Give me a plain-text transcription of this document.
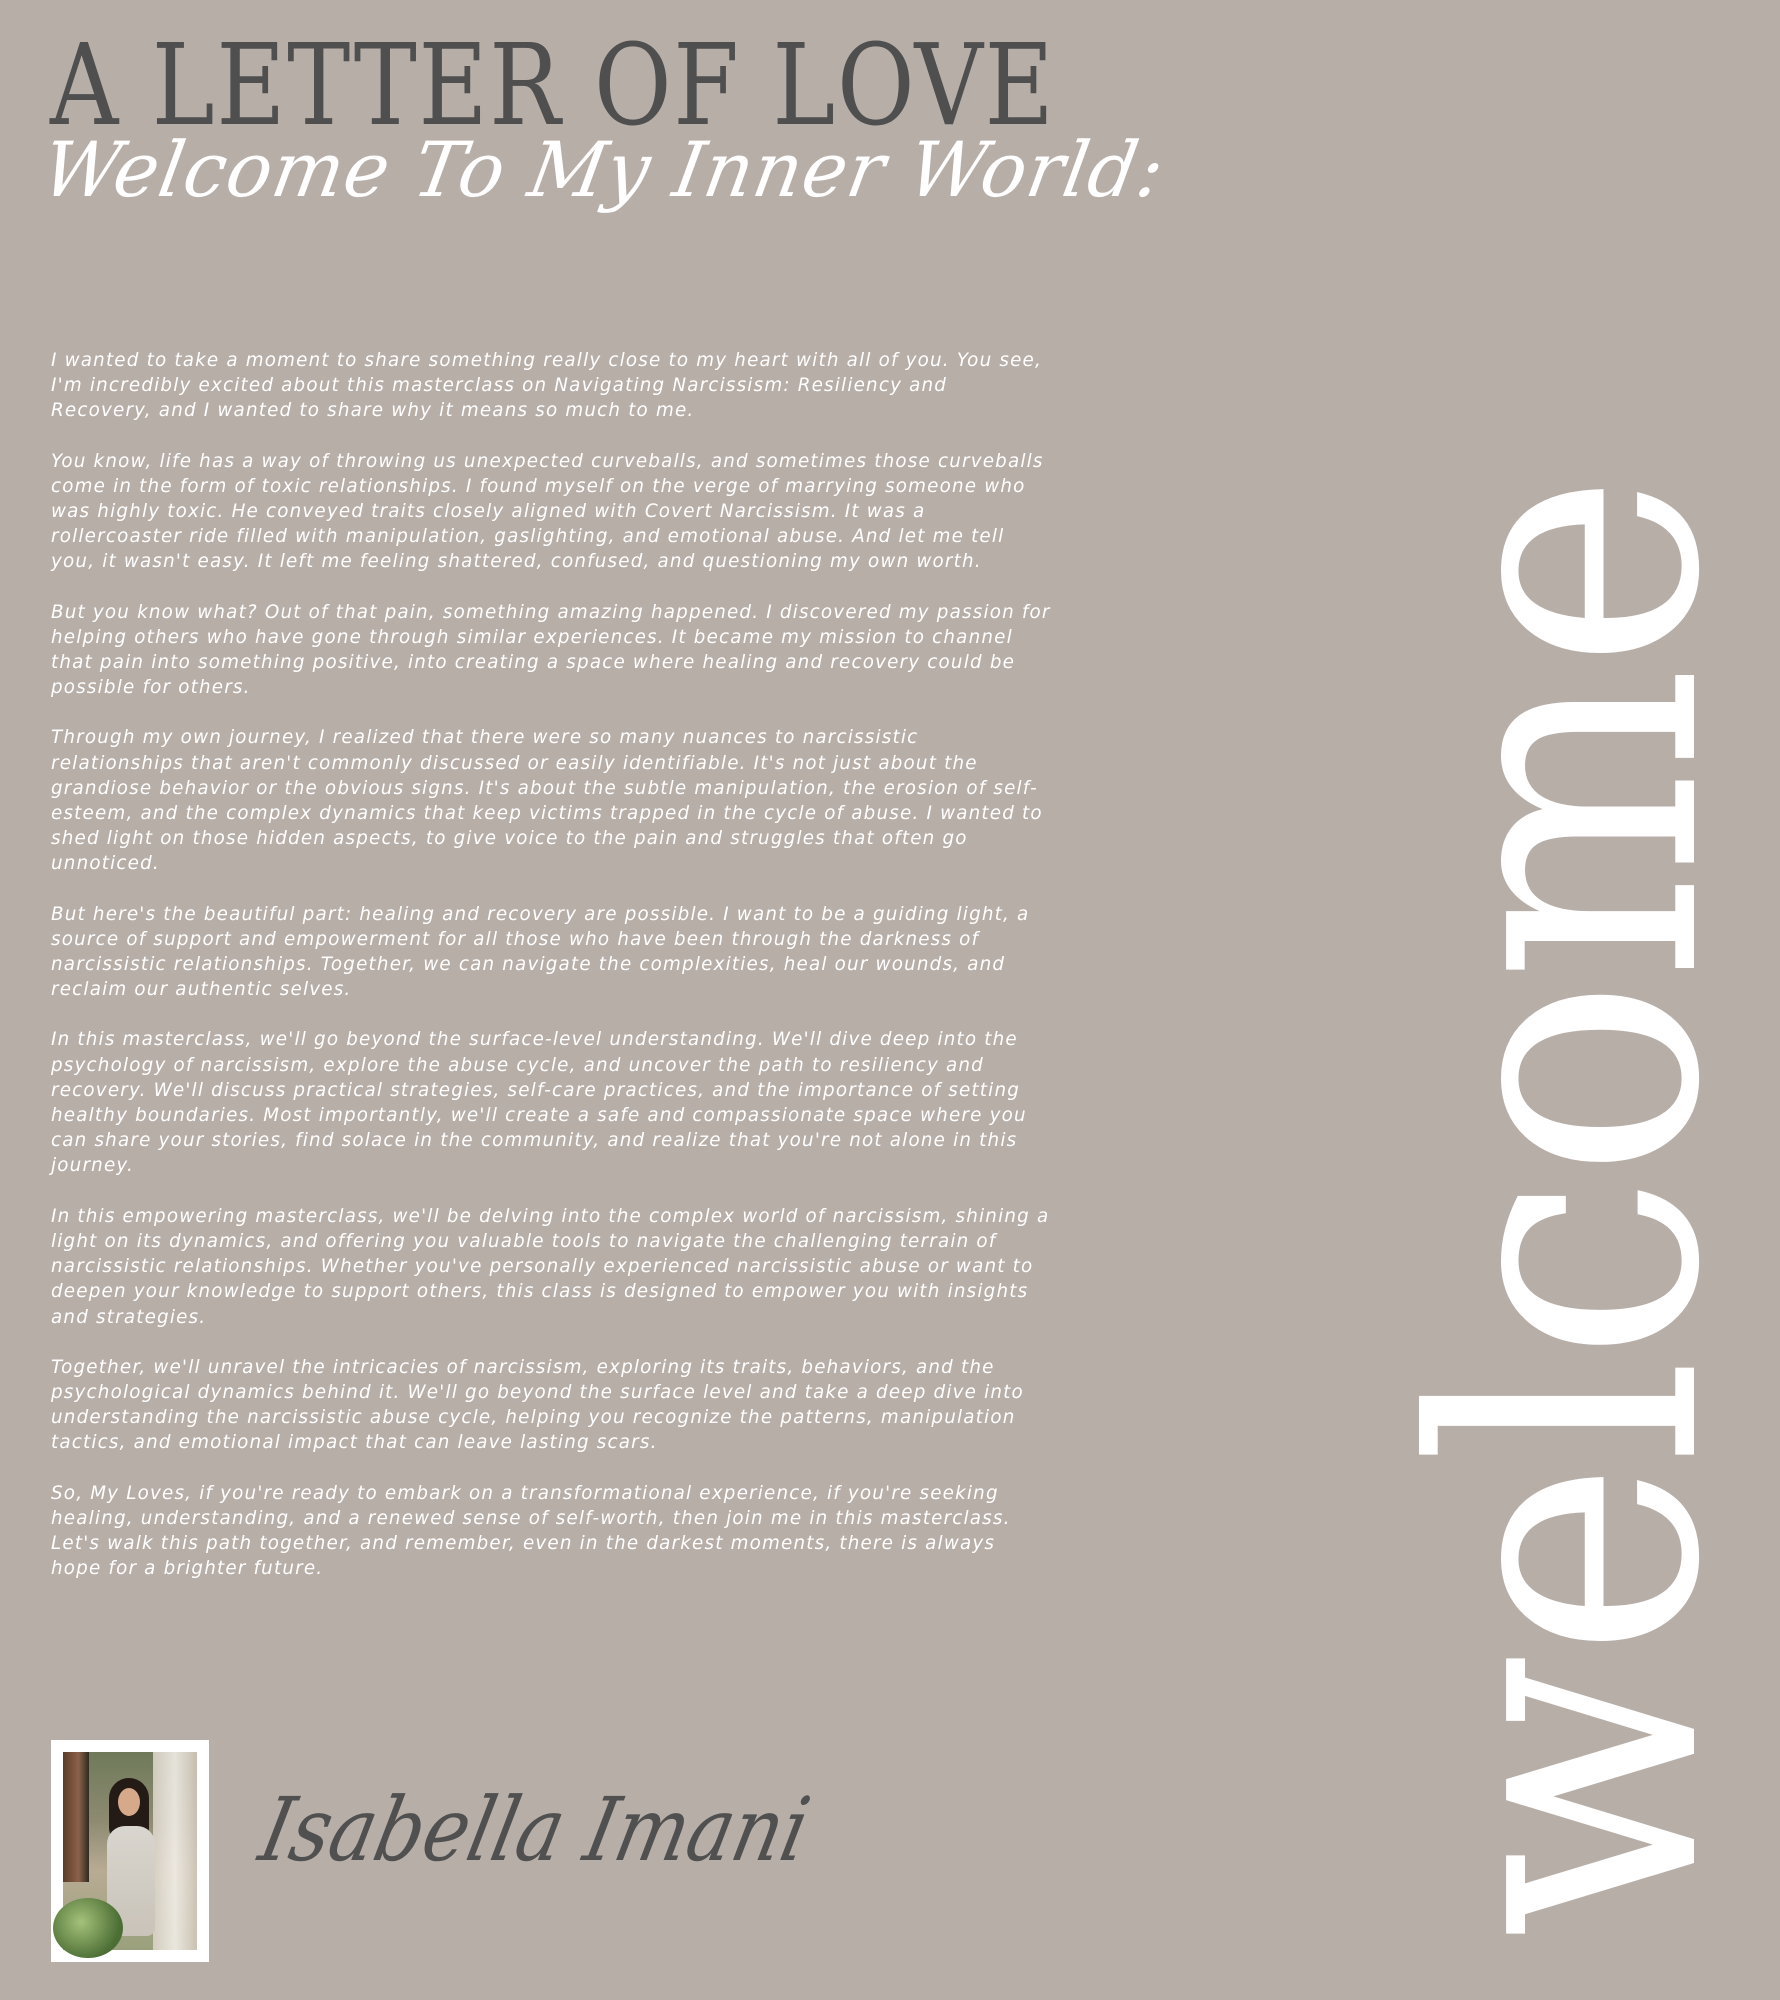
A LETTER OF LOVE
Welcome To My Inner World:

I wanted to take a moment to share something really close to my heart with all of you. You see, I'm incredibly excited about this masterclass on Navigating Narcissism: Resiliency and Recovery, and I wanted to share why it means so much to me.

You know, life has a way of throwing us unexpected curveballs, and sometimes those curveballs come in the form of toxic relationships. I found myself on the verge of marrying someone who was highly toxic. He conveyed traits closely aligned with Covert Narcissism. It was a rollercoaster ride filled with manipulation, gaslighting, and emotional abuse. And let me tell you, it wasn't easy. It left me feeling shattered, confused, and questioning my own worth.

But you know what? Out of that pain, something amazing happened. I discovered my passion for helping others who have gone through similar experiences. It became my mission to channel that pain into something positive, into creating a space where healing and recovery could be possible for others.

Through my own journey, I realized that there were so many nuances to narcissistic relationships that aren't commonly discussed or easily identifiable. It's not just about the grandiose behavior or the obvious signs. It's about the subtle manipulation, the erosion of self-esteem, and the complex dynamics that keep victims trapped in the cycle of abuse. I wanted to shed light on those hidden aspects, to give voice to the pain and struggles that often go unnoticed.

But here's the beautiful part: healing and recovery are possible. I want to be a guiding light, a source of support and empowerment for all those who have been through the darkness of narcissistic relationships. Together, we can navigate the complexities, heal our wounds, and reclaim our authentic selves.

In this masterclass, we'll go beyond the surface-level understanding. We'll dive deep into the psychology of narcissism, explore the abuse cycle, and uncover the path to resiliency and recovery. We'll discuss practical strategies, self-care practices, and the importance of setting healthy boundaries. Most importantly, we'll create a safe and compassionate space where you can share your stories, find solace in the community, and realize that you're not alone in this journey.

In this empowering masterclass, we'll be delving into the complex world of narcissism, shining a light on its dynamics, and offering you valuable tools to navigate the challenging terrain of narcissistic relationships. Whether you've personally experienced narcissistic abuse or want to deepen your knowledge to support others, this class is designed to empower you with insights and strategies.

Together, we'll unravel the intricacies of narcissism, exploring its traits, behaviors, and the psychological dynamics behind it. We'll go beyond the surface level and take a deep dive into understanding the narcissistic abuse cycle, helping you recognize the patterns, manipulation tactics, and emotional impact that can leave lasting scars.

So, My Loves, if you're ready to embark on a transformational experience, if you're seeking healing, understanding, and a renewed sense of self-worth, then join me in this masterclass. Let's walk this path together, and remember, even in the darkest moments, there is always hope for a brighter future.

Isabella Imani welcome
